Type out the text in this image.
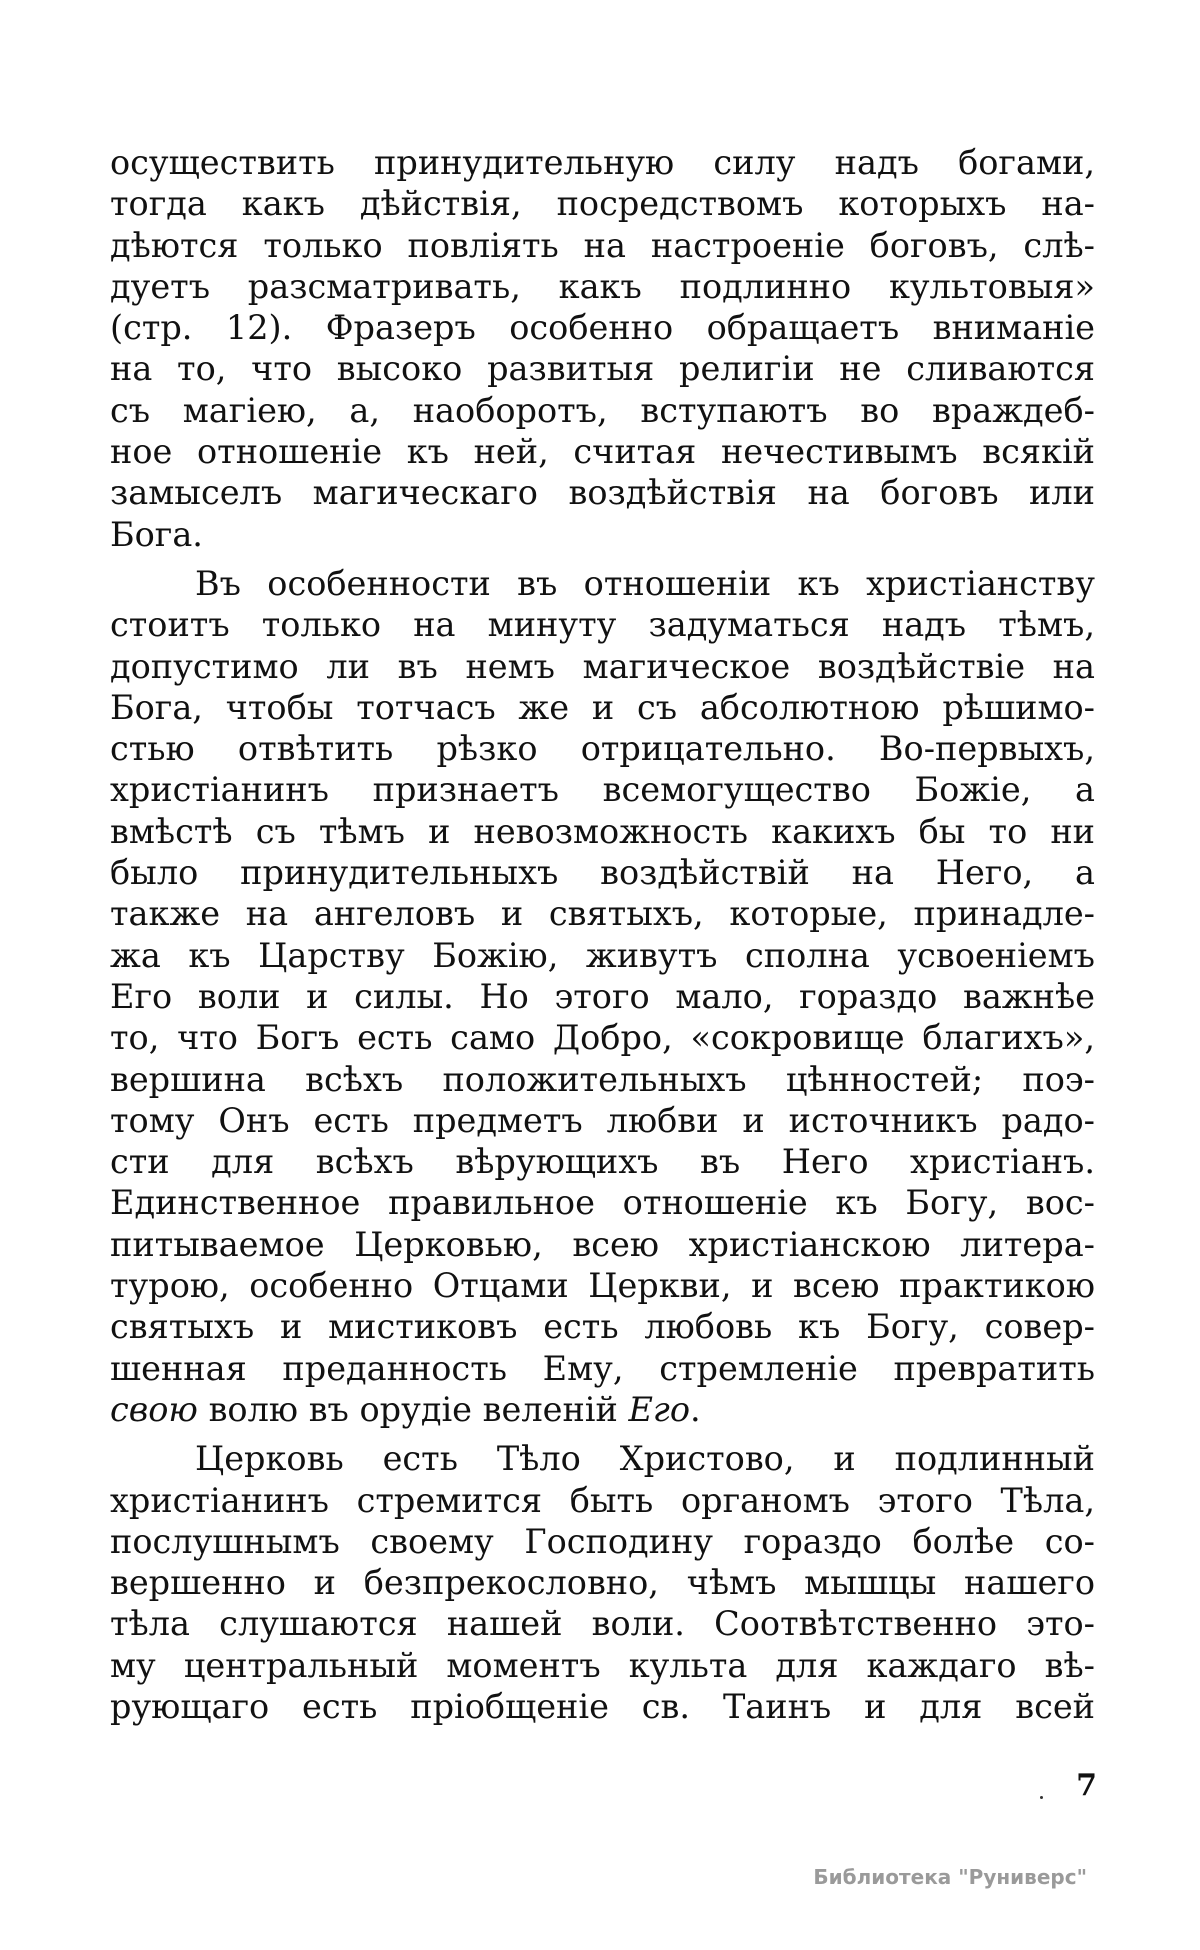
осуществить принудительную силу надъ богами,
тогда какъ дѣйствія, посредствомъ которыхъ на-
дѣются только повліять на настроеніе боговъ, слѣ-
дуетъ разсматривать, какъ подлинно культовыя»
(стр. 12). Фразеръ особенно обращаетъ вниманіе
на то, что высоко развитыя религіи не сливаются
съ магіею, а, наоборотъ, вступаютъ во враждеб-
ное отношеніе къ ней, считая нечестивымъ всякій
замыселъ магическаго воздѣйствія на боговъ или
Бога.
Въ особенности въ отношеніи къ христіанству
стоитъ только на минуту задуматься надъ тѣмъ,
допустимо ли въ немъ магическое воздѣйствіе на
Бога, чтобы тотчасъ же и съ абсолютною рѣшимо-
стью отвѣтить рѣзко отрицательно. Во-первыхъ,
христіанинъ признаетъ всемогущество Божіе, а
вмѣстѣ съ тѣмъ и невозможность какихъ бы то ни
было принудительныхъ воздѣйствій на Него, а
также на ангеловъ и святыхъ, которые, принадле-
жа къ Царству Божію, живутъ сполна усвоеніемъ
Его воли и силы. Но этого мало, гораздо важнѣе
то, что Богъ есть само Добро, «сокровище благихъ»,
вершина всѣхъ положительныхъ цѣнностей; поэ-
тому Онъ есть предметъ любви и источникъ радо-
сти для всѣхъ вѣрующихъ въ Него христіанъ.
Единственное правильное отношеніе къ Богу, вос-
питываемое Церковью, всею христіанскою литера-
турою, особенно Отцами Церкви, и всею практикою
святыхъ и мистиковъ есть любовь къ Богу, совер-
шенная преданность Ему, стремленіе превратить
свою волю въ орудіе веленій Его.
Церковь есть Тѣло Христово, и подлинный
христіанинъ стремится быть органомъ этого Тѣла,
послушнымъ своему Господину гораздо болѣе со-
вершенно и безпрекословно, чѣмъ мышцы нашего
тѣла слушаются нашей воли. Соотвѣтственно это-
му центральный моментъ культа для каждаго вѣ-
рующаго есть пріобщеніе св. Таинъ и для всей
7
Библиотека "Руниверс"
